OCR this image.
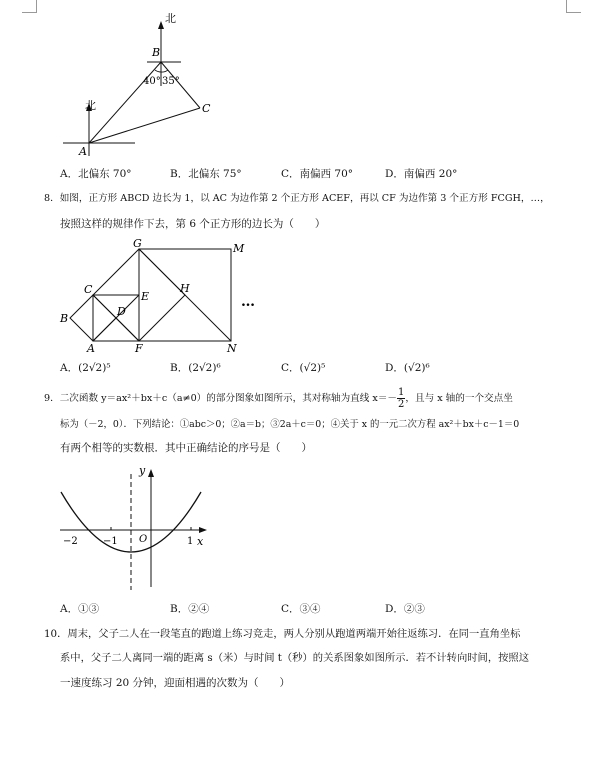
北
北
A
B
C
40° 35°
A．北偏东 70°	B．北偏东 75°	C．南偏西 70°	D．南偏西 20°
8．如图，正方形 ABCD 边长为 1，以 AC 为边作第 2 个正方形 ACEF，再以 CF 为边作第 3 个正方形 FCGH，…，
按照这样的规律作下去，第 6 个正方形的边长为（　　）
A
B
C
D
E
F
G
H
M
N
…
A．(2√2)⁵	B．(2√2)⁶	C．(√2)⁵	D．(√2)⁶
9．二次函数 y＝ax²＋bx＋c（a≠0）的部分图象如图所示，其对称轴为直线 $x=- \frac{1}{2}$ ，且与 x 轴的一个交点坐
标为（－2，0）．下列结论：①abc＞0；②a＝b；③2a＋c＝0；④关于 x 的一元二次方程 ax²＋bx＋c－1＝0
有两个相等的实数根．其中正确结论的序号是（　　）
y
x
O
−2	−1	1
A．①③	B．②④	C．③④	D．②③
10．周末，父子二人在一段笔直的跑道上练习竞走，两人分别从跑道两端开始往返练习．在同一直角坐标
系中，父子二人离同一端的距离 s（米）与时间 t（秒）的关系图象如图所示．若不计转向时间，按照这
一速度练习 20 分钟，迎面相遇的次数为（　　）
